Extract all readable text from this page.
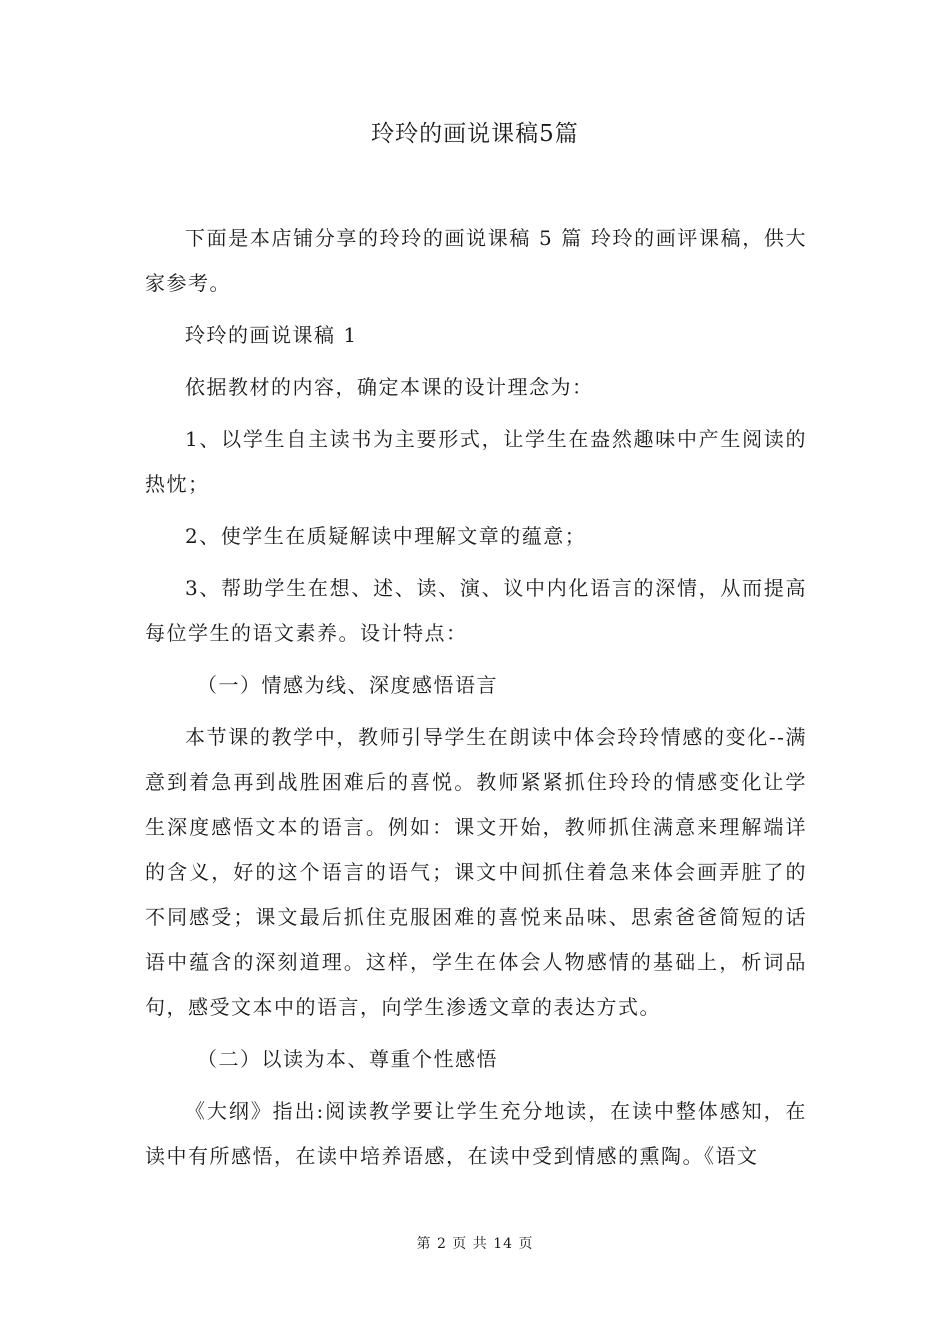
玲玲的画说课稿5篇

下面是本店铺分享的玲玲的画说课稿 5 篇 玲玲的画评课稿，供大家参考。

玲玲的画说课稿 1

依据教材的内容，确定本课的设计理念为：

1、以学生自主读书为主要形式，让学生在盎然趣味中产生阅读的热忱；

2、使学生在质疑解读中理解文章的蕴意；

3、帮助学生在想、述、读、演、议中内化语言的深情，从而提高每位学生的语文素养。设计特点：

（一）情感为线、深度感悟语言

本节课的教学中，教师引导学生在朗读中体会玲玲情感的变化--满意到着急再到战胜困难后的喜悦。教师紧紧抓住玲玲的情感变化让学生深度感悟文本的语言。例如：课文开始，教师抓住满意来理解端详的含义，好的这个语言的语气；课文中间抓住着急来体会画弄脏了的不同感受；课文最后抓住克服困难的喜悦来品味、思索爸爸简短的话语中蕴含的深刻道理。这样，学生在体会人物感情的基础上，析词品句，感受文本中的语言，向学生渗透文章的表达方式。

（二）以读为本、尊重个性感悟

《大纲》指出:阅读教学要让学生充分地读，在读中整体感知，在读中有所感悟，在读中培养语感，在读中受到情感的熏陶。《语文

第 2 页 共 14 页
